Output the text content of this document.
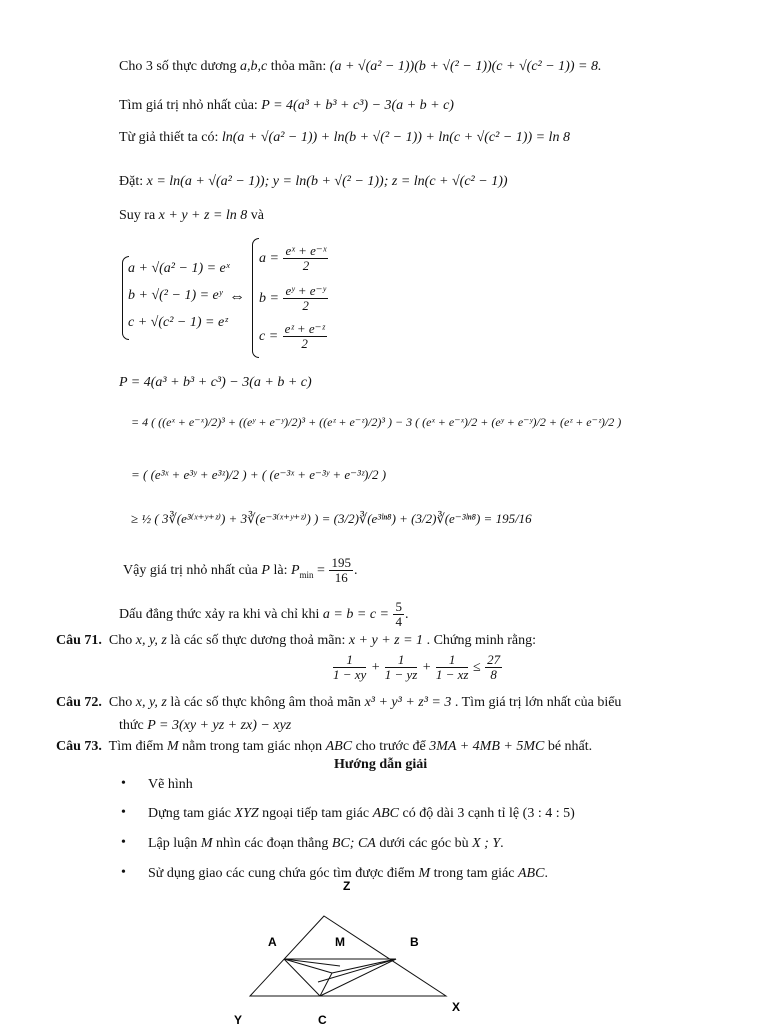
Cho 3 số thực dương a,b,c thỏa mãn: (a + √(a² − 1))(b + √(² − 1))(c + √(c² − 1)) = 8.
Tìm giá trị nhỏ nhất của: P = 4(a³ + b³ + c³) − 3(a + b + c)
Từ giả thiết ta có: ln(a + √(a² − 1)) + ln(b + √(² − 1)) + ln(c + √(c² − 1)) = ln 8
Đặt: x = ln(a + √(a² − 1)); y = ln(b + √(² − 1)); z = ln(c + √(c² − 1))
Suy ra x + y + z = ln 8 và
a + √(a² − 1) = eˣ
b + √(² − 1) = eʸ
c + √(c² − 1) = eᶻ
⇔
$a = \frac{\text{eˣ + e⁻ˣ}}{2}$
$b = \frac{\text{eʸ + e⁻ʸ}}{2}$
$c = \frac{\text{eᶻ + e⁻ᶻ}}{2}$
P = 4(a³ + b³ + c³) − 3(a + b + c)
= 4 ( ((eˣ + e⁻ˣ)/2)³ + ((eʸ + e⁻ʸ)/2)³ + ((eᶻ + e⁻ᶻ)/2)³ ) − 3 ( (eˣ + e⁻ˣ)/2 + (eʸ + e⁻ʸ)/2 + (eᶻ + e⁻ᶻ)/2 )
= ( (e³ˣ + e³ʸ + e³ᶻ)/2 ) + ( (e⁻³ˣ + e⁻³ʸ + e⁻³ᶻ)/2 )
≥ ½ ( 3∛(e³⁽ˣ⁺ʸ⁺ᶻ⁾) + 3∛(e⁻³⁽ˣ⁺ʸ⁺ᶻ⁾) ) = (3/2)∛(e³ˡⁿ⁸) + (3/2)∛(e⁻³ˡⁿ⁸) = 195/16
Vậy giá trị nhỏ nhất của P là: $P_{min} = \frac{195}{16}$ .
Dấu đẳng thức xảy ra khi và chỉ khi $a = b = c = \frac{5}{4}$ .
Câu 71. Cho x, y, z là các số thực dương thoả mãn: x + y + z = 1 . Chứng minh rằng:
$\frac{1}{1 - xy} + \frac{1}{1 - yz} + \frac{1}{1 - xz} \le \frac{27}{8}$
Câu 72. Cho x, y, z là các số thực không âm thoả mãn x³ + y³ + z³ = 3 . Tìm giá trị lớn nhất của biểu
thức P = 3(xy + yz + zx) − xyz
Câu 73. Tìm điểm M nằm trong tam giác nhọn ABC cho trước để 3MA + 4MB + 5MC bé nhất.
Hướng dẫn giải
• Vẽ hình
• Dựng tam giác XYZ ngoại tiếp tam giác ABC có độ dài 3 cạnh tỉ lệ (3 : 4 : 5)
• Lập luận M nhìn các đoạn thẳng BC; CA dưới các góc bù X ; Y.
• Sử dụng giao các cung chứa góc tìm được điểm M trong tam giác ABC.
Z
A	M	B
X
Y	C
